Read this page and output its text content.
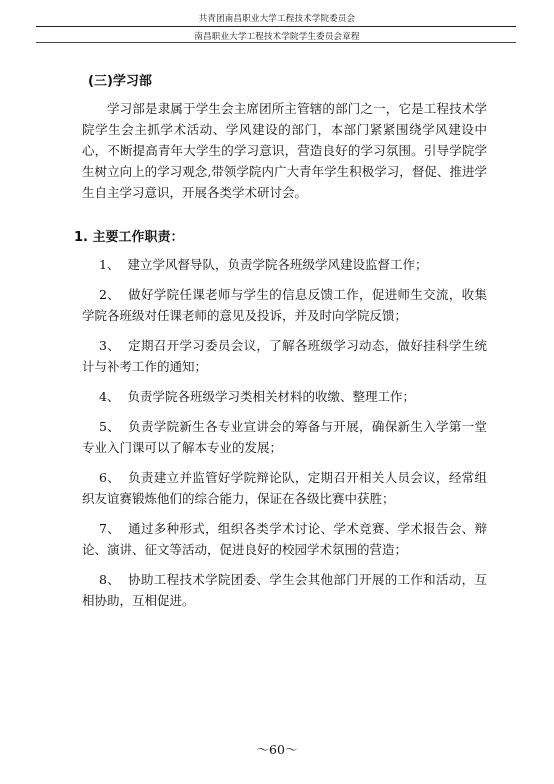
共青团南昌职业大学工程技术学院委员会
南昌职业大学工程技术学院学生委员会章程
(三)学习部

学习部是隶属于学生会主席团所主管辖的部门之一，它是工程技术学院学生会主抓学术活动、学风建设的部门，本部门紧紧围绕学风建设中心，不断提高青年大学生的学习意识，营造良好的学习氛围。引导学院学生树立向上的学习观念,带领学院内广大青年学生积极学习，督促、推进学生自主学习意识，开展各类学术研讨会。

1. 主要工作职责：
1、 建立学风督导队，负责学院各班级学风建设监督工作；
2、 做好学院任课老师与学生的信息反馈工作，促进师生交流，收集学院各班级对任课老师的意见及投诉，并及时向学院反馈；
3、 定期召开学习委员会议，了解各班级学习动态，做好挂科学生统计与补考工作的通知；
4、 负责学院各班级学习类相关材料的收缴、整理工作；
5、 负责学院新生各专业宣讲会的筹备与开展，确保新生入学第一堂专业入门课可以了解本专业的发展；
6、 负责建立并监管好学院辩论队，定期召开相关人员会议，经常组织友谊赛锻炼他们的综合能力，保证在各级比赛中获胜；
7、 通过多种形式，组织各类学术讨论、学术竞赛、学术报告会、辩论、演讲、征文等活动，促进良好的校园学术氛围的营造；
8、 协助工程技术学院团委、学生会其他部门开展的工作和活动，互相协助，互相促进。
～60～
